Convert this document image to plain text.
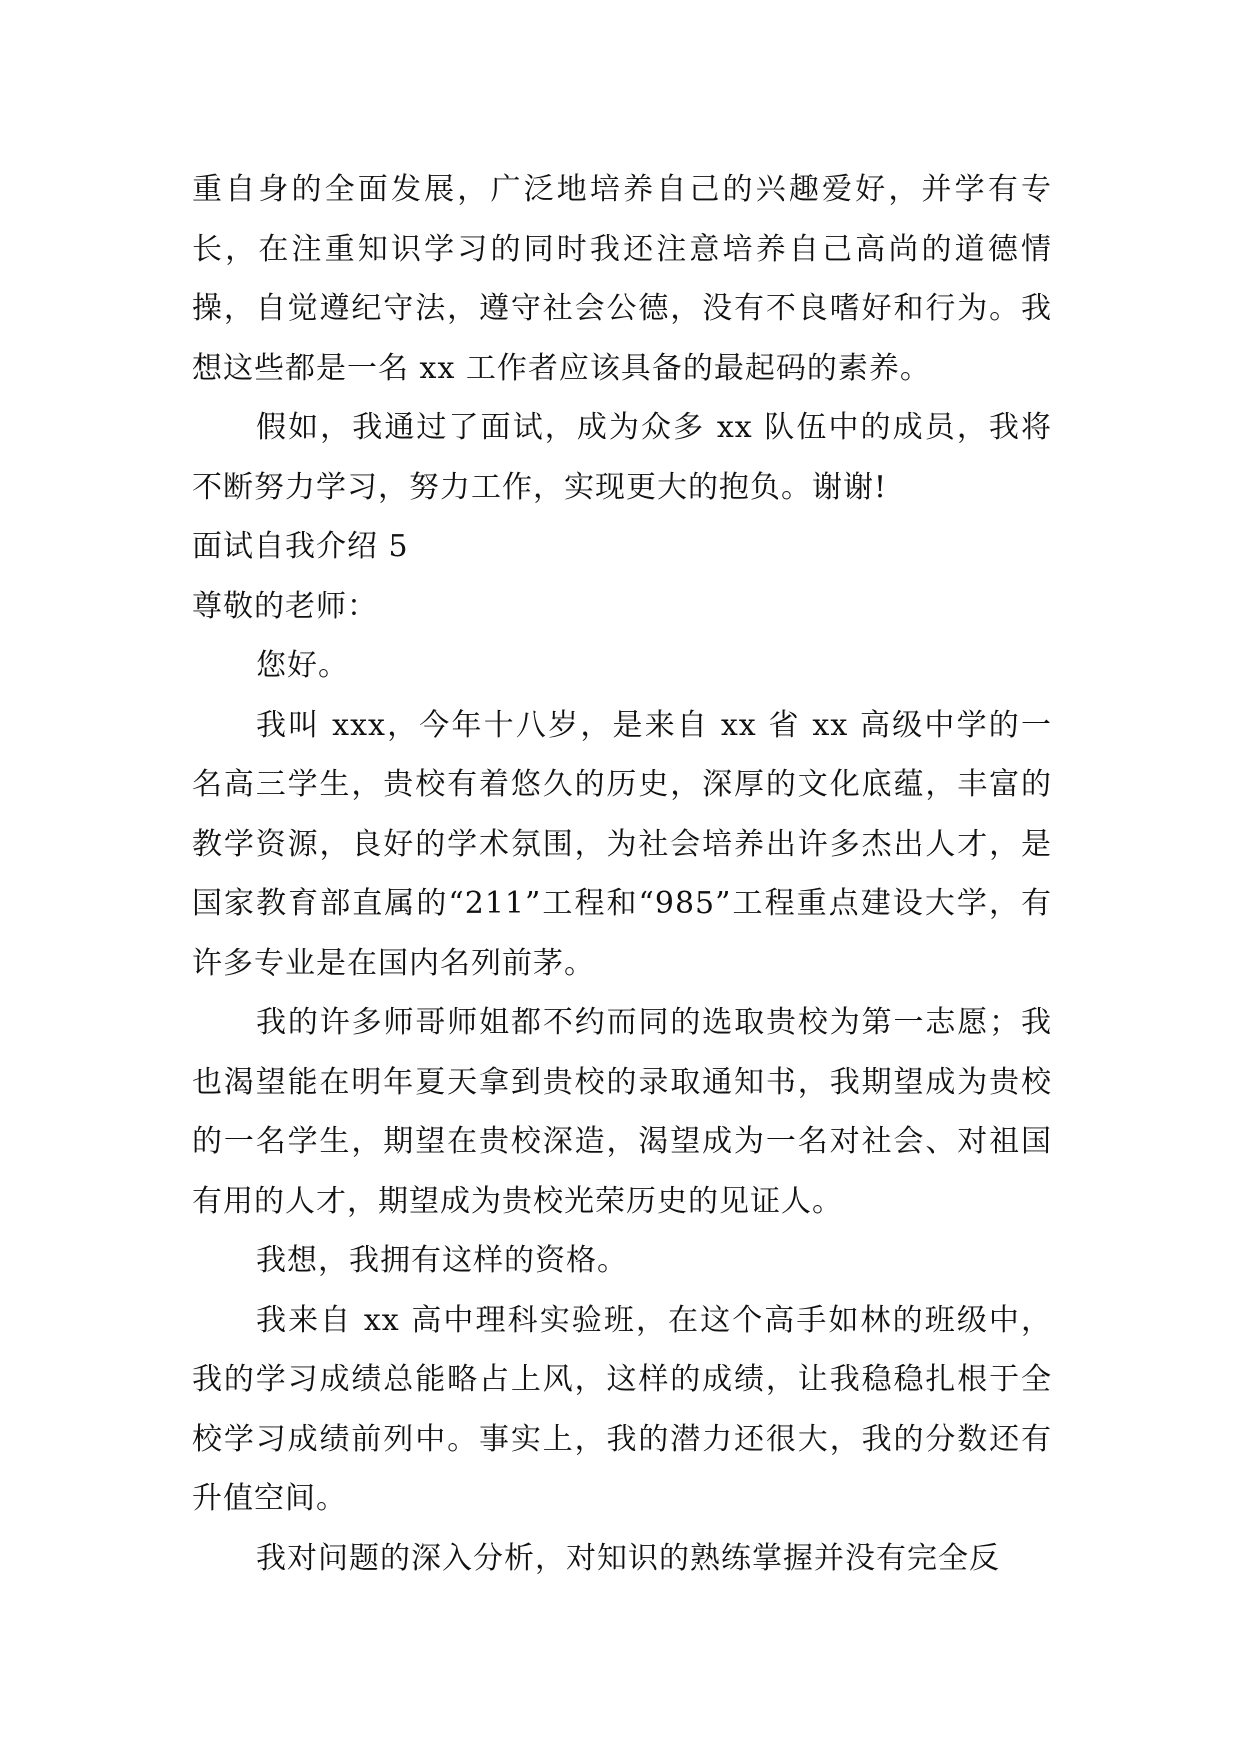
重自身的全面发展，广泛地培养自己的兴趣爱好，并学有专长，在注重知识学习的同时我还注意培养自己高尚的道德情操，自觉遵纪守法，遵守社会公德，没有不良嗜好和行为。我想这些都是一名 xx 工作者应该具备的最起码的素养。

假如，我通过了面试，成为众多 xx 队伍中的成员，我将不断努力学习，努力工作，实现更大的抱负。谢谢!

面试自我介绍 5

尊敬的老师：

您好。

我叫 xxx，今年十八岁，是来自 xx 省 xx 高级中学的一名高三学生，贵校有着悠久的历史，深厚的文化底蕴，丰富的教学资源，良好的学术氛围，为社会培养出许多杰出人才，是国家教育部直属的“211”工程和“985”工程重点建设大学，有许多专业是在国内名列前茅。

我的许多师哥师姐都不约而同的选取贵校为第一志愿；我也渴望能在明年夏天拿到贵校的录取通知书，我期望成为贵校的一名学生，期望在贵校深造，渴望成为一名对社会、对祖国有用的人才，期望成为贵校光荣历史的见证人。

我想，我拥有这样的资格。

我来自 xx 高中理科实验班，在这个高手如林的班级中，我的学习成绩总能略占上风，这样的成绩，让我稳稳扎根于全校学习成绩前列中。事实上，我的潜力还很大，我的分数还有升值空间。

我对问题的深入分析，对知识的熟练掌握并没有完全反
